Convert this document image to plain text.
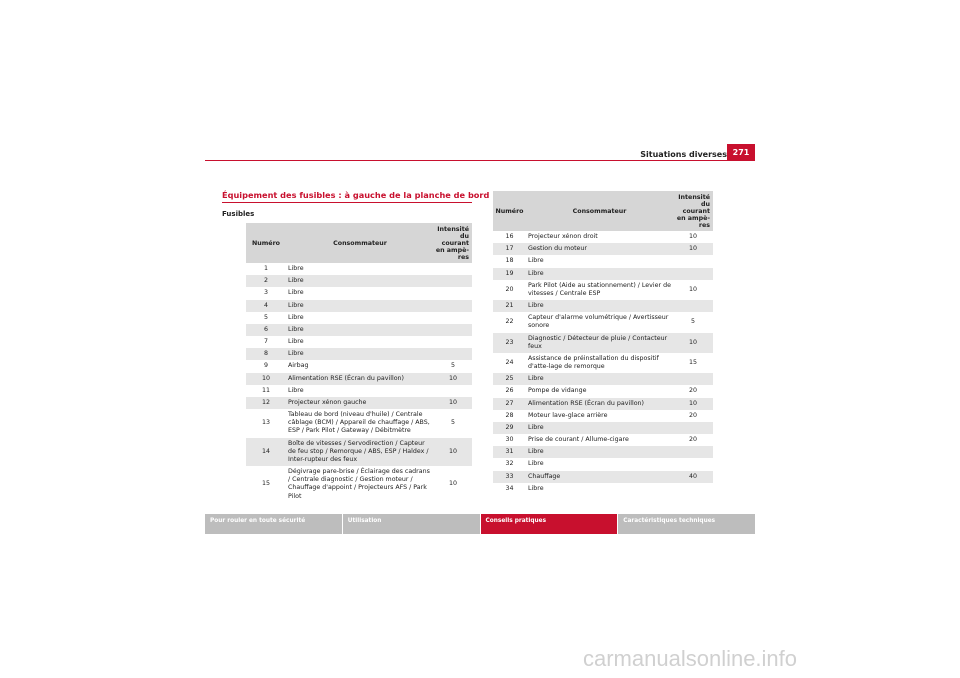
Situations diverses 271
Équipement des fusibles : à gauche de la planche de bord
Fusibles
Numéro	Consommateur	Intensité du courant en ampè-res
1	Libre	
2	Libre	
3	Libre	
4	Libre	
5	Libre	
6	Libre	
7	Libre	
8	Libre	
9	Airbag	5
10	Alimentation RSE (Écran du pavillon)	10
11	Libre	
12	Projecteur xénon gauche	10
13	Tableau de bord (niveau d'huile) / Centrale câblage (BCM) / Appareil de chauffage / ABS, ESP / Park Pilot / Gateway / Débitmètre	5
14	Boîte de vitesses / Servodirection / Capteur de feu stop / Remorque / ABS, ESP / Haldex / Inter-rupteur des feux	10
15	Dégivrage pare-brise / Éclairage des cadrans / Centrale diagnostic / Gestion moteur / Chauffage d'appoint / Projecteurs AFS / Park Pilot	10
Numéro	Consommateur	Intensité du courant en ampè-res
16	Projecteur xénon droit	10
17	Gestion du moteur	10
18	Libre	
19	Libre	
20	Park Pilot (Aide au stationnement) / Levier de vitesses / Centrale ESP	10
21	Libre	
22	Capteur d'alarme volumétrique / Avertisseur sonore	5
23	Diagnostic / Détecteur de pluie / Contacteur feux	10
24	Assistance de préinstallation du dispositif d'atte-lage de remorque	15
25	Libre	
26	Pompe de vidange	20
27	Alimentation RSE (Écran du pavillon)	10
28	Moteur lave-glace arrière	20
29	Libre	
30	Prise de courant / Allume-cigare	20
31	Libre	
32	Libre	
33	Chauffage	40
34	Libre	
Pour rouler en toute sécurité	Utilisation	Conseils pratiques	Caractéristiques techniques
carmanualsonline.info
